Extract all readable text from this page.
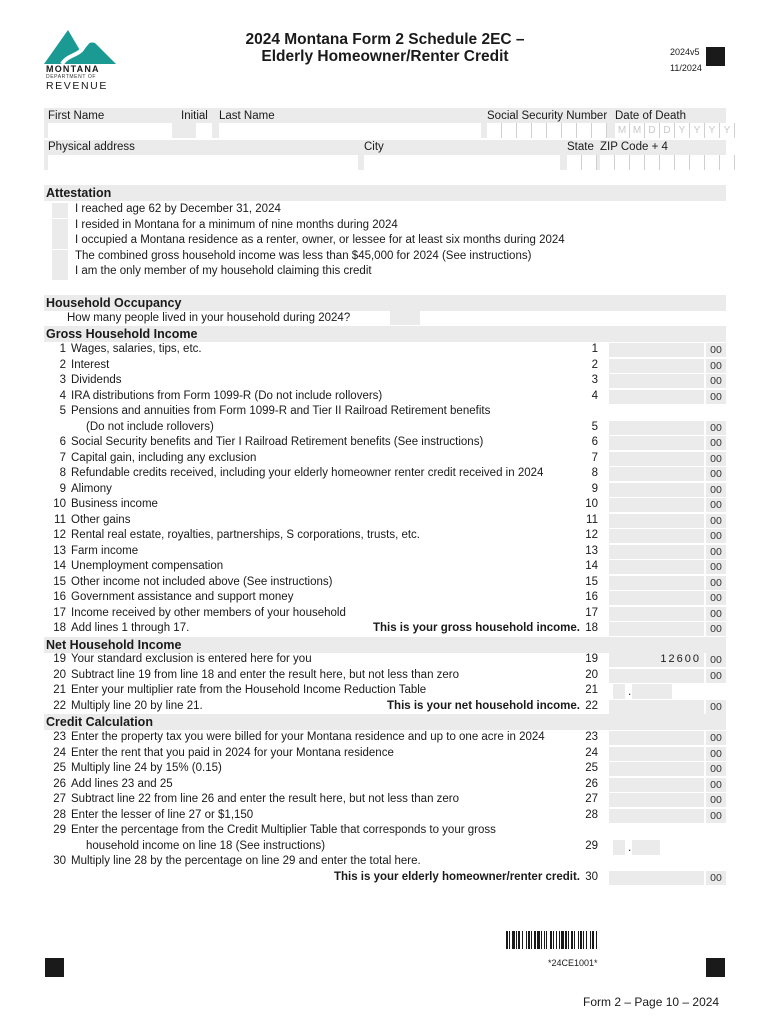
MONTANA
DEPARTMENT OF
REVENUE
2024 Montana Form 2 Schedule 2EC –
Elderly Homeowner/Renter Credit	2024v5
11/2024
First Name	Initial Last Name	Social Security Number Date of Death
M M D D Y Y Y Y
Physical address	City	State ZIP Code + 4
Attestation
I reached age 62 by December 31, 2024
I resided in Montana for a minimum of nine months during 2024
I occupied a Montana residence as a renter, owner, or lessee for at least six months during 2024
The combined gross household income was less than $45,000 for 2024 (See instructions)
I am the only member of my household claiming this credit
Household Occupancy
How many people lived in your household during 2024?
Gross Household Income
1 Wages, salaries, tips, etc.	1	00
2 Interest	2	00
3 Dividends	3	00
4 IRA distributions from Form 1099-R (Do not include rollovers)	4	00
5 Pensions and annuities from Form 1099-R and Tier II Railroad Retirement benefits
(Do not include rollovers)	5	00
6 Social Security benefits and Tier I Railroad Retirement benefits (See instructions)	6	00
7 Capital gain, including any exclusion	7	00
8 Refundable credits received, including your elderly homeowner renter credit received in 2024	8	00
9 Alimony	9	00
10 Business income	10	00
11 Other gains	11	00
12 Rental real estate, royalties, partnerships, S corporations, trusts, etc.	12	00
13 Farm income	13	00
14 Unemployment compensation	14	00
15 Other income not included above (See instructions)	15	00
16 Government assistance and support money	16	00
17 Income received by other members of your household	17	00
18 Add lines 1 through 17.	This is your gross household income. 18	00
Net Household Income
19 Your standard exclusion is entered here for you	19	12600 00
20 Subtract line 19 from line 18 and enter the result here, but not less than zero	20	00
21 Enter your multiplier rate from the Household Income Reduction Table	21	.
22 Multiply line 20 by line 21.	This is your net household income. 22	00
Credit Calculation
23 Enter the property tax you were billed for your Montana residence and up to one acre in 2024	23	00
24 Enter the rent that you paid in 2024 for your Montana residence	24	00
25 Multiply line 24 by 15% (0.15)	25	00
26 Add lines 23 and 25	26	00
27 Subtract line 22 from line 26 and enter the result here, but not less than zero	27	00
28 Enter the lesser of line 27 or $1,150	28	00
29 Enter the percentage from the Credit Multiplier Table that corresponds to your gross
household income on line 18 (See instructions)	29	.
30 Multiply line 28 by the percentage on line 29 and enter the total here.
This is your elderly homeowner/renter credit. 30	00
*24CE1001*
Form 2 – Page 10 – 2024
